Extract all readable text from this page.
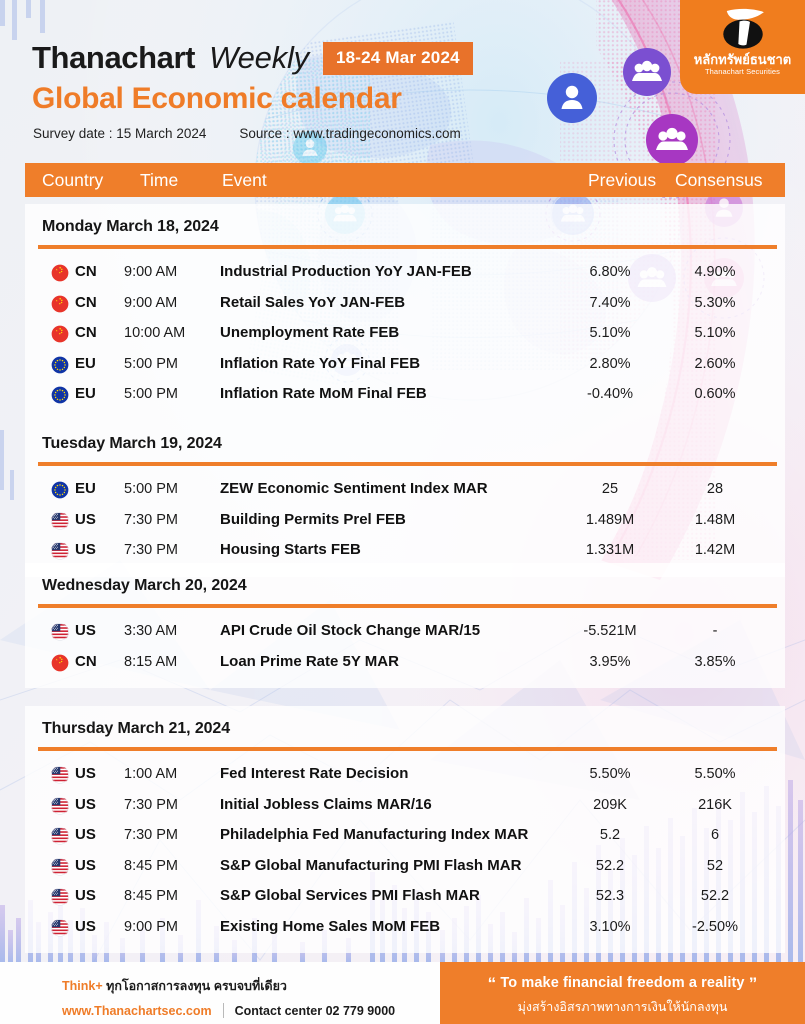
Thanachart Weekly	18-24 Mar 2024
Global Economic calendar
Survey date : 15 March 2024 Source : www.tradingeconomics.com
หลักทรัพย์ธนชาต
Thanachart Securities
Country Time	Event	Previous Consensus
Monday March 18, 2024
CN 9:00 AM	Industrial Production YoY JAN-FEB	6.80%	4.90%
CN 9:00 AM	Retail Sales YoY JAN-FEB	7.40%	5.30%
CN 10:00 AM Unemployment Rate FEB	5.10%	5.10%
EU 5:00 PM	Inflation Rate YoY Final FEB	2.80%	2.60%
EU 5:00 PM	Inflation Rate MoM Final FEB	-0.40%	0.60%
Tuesday March 19, 2024
EU 5:00 PM	ZEW Economic Sentiment Index MAR	25	28
US 7:30 PM	Building Permits Prel FEB	1.489M	1.48M
US 7:30 PM	Housing Starts FEB	1.331M	1.42M
Wednesday March 20, 2024
US 3:30 AM	API Crude Oil Stock Change MAR/15	-5.521M	-
CN 8:15 AM	Loan Prime Rate 5Y MAR	3.95%	3.85%
Thursday March 21, 2024
US 1:00 AM	Fed Interest Rate Decision	5.50%	5.50%
US 7:30 PM	Initial Jobless Claims MAR/16	209K	216K
US 7:30 PM	Philadelphia Fed Manufacturing Index MAR	5.2	6
US 8:45 PM	S&P Global Manufacturing PMI Flash MAR	52.2	52
US 8:45 PM	S&P Global Services PMI Flash MAR	52.3	52.2
US 9:00 PM	Existing Home Sales MoM FEB	3.10%	-2.50%
Think+ ทุกโอกาสการลงทุน ครบจบที่เดียว
www.Thanachartsec.com Contact center 02 779 9000
“ To make financial freedom a reality ”
มุ่งสร้างอิสรภาพทางการเงินให้นักลงทุน
